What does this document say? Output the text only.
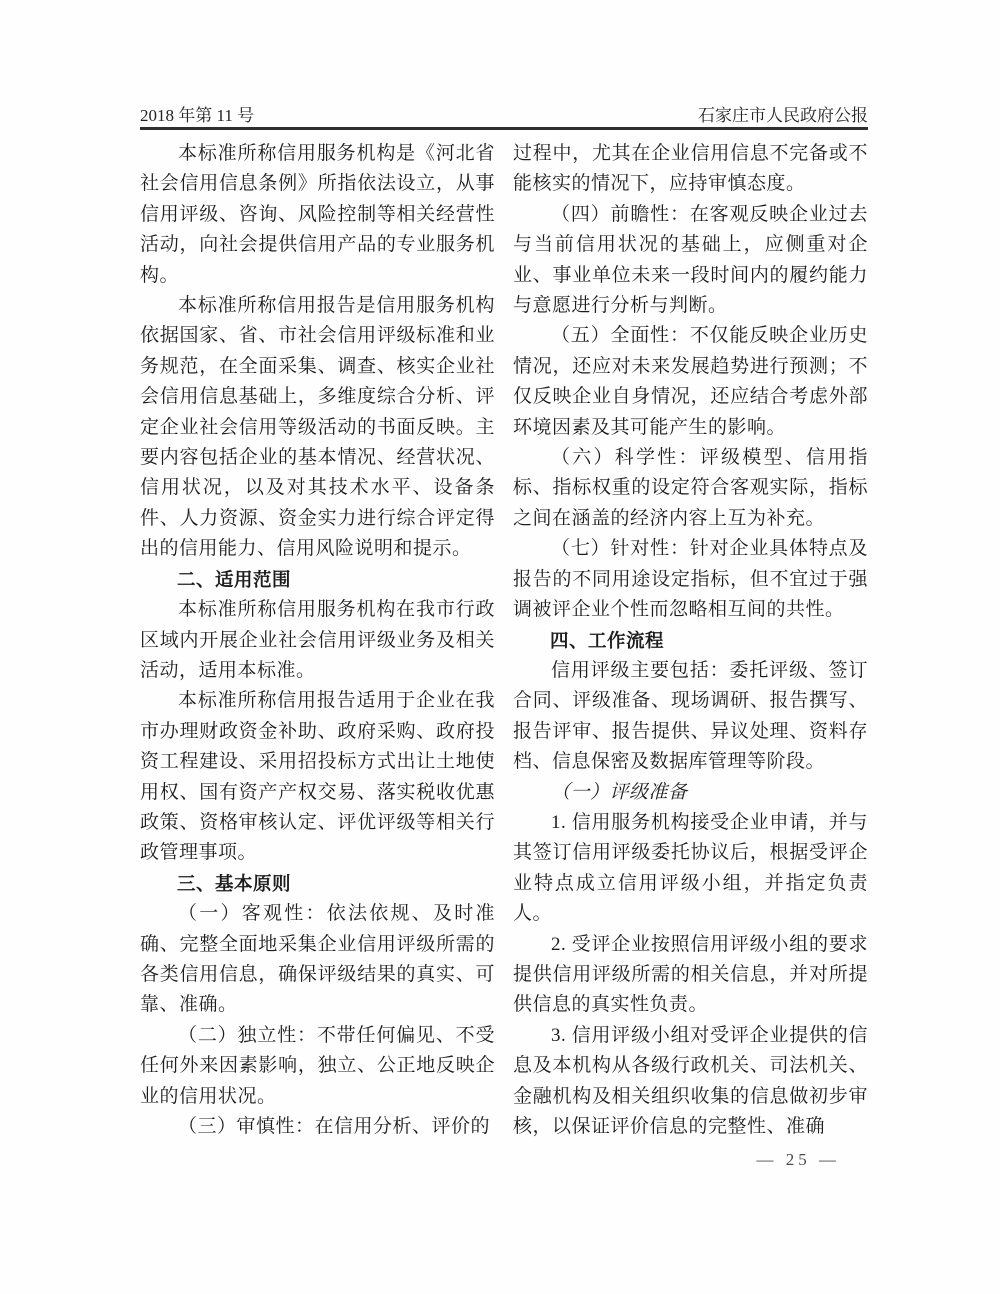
2018 年第 11 号	石家庄市人民政府公报

本标准所称信用服务机构是《河北省社会信用信息条例》所指依法设立，从事信用评级、咨询、风险控制等相关经营性活动，向社会提供信用产品的专业服务机构。

本标准所称信用报告是信用服务机构依据国家、省、市社会信用评级标准和业务规范，在全面采集、调查、核实企业社会信用信息基础上，多维度综合分析、评定企业社会信用等级活动的书面反映。主要内容包括企业的基本情况、经营状况、信用状况，以及对其技术水平、设备条件、人力资源、资金实力进行综合评定得出的信用能力、信用风险说明和提示。

二、适用范围

本标准所称信用服务机构在我市行政区域内开展企业社会信用评级业务及相关活动，适用本标准。

本标准所称信用报告适用于企业在我市办理财政资金补助、政府采购、政府投资工程建设、采用招投标方式出让土地使用权、国有资产产权交易、落实税收优惠政策、资格审核认定、评优评级等相关行政管理事项。

三、基本原则

（一）客观性：依法依规、及时准确、完整全面地采集企业信用评级所需的各类信用信息，确保评级结果的真实、可靠、准确。

（二）独立性：不带任何偏见、不受任何外来因素影响，独立、公正地反映企业的信用状况。

（三）审慎性：在信用分析、评价的

过程中，尤其在企业信用信息不完备或不能核实的情况下，应持审慎态度。

（四）前瞻性：在客观反映企业过去与当前信用状况的基础上，应侧重对企业、事业单位未来一段时间内的履约能力与意愿进行分析与判断。

（五）全面性：不仅能反映企业历史情况，还应对未来发展趋势进行预测；不仅反映企业自身情况，还应结合考虑外部环境因素及其可能产生的影响。

（六）科学性：评级模型、信用指标、指标权重的设定符合客观实际，指标之间在涵盖的经济内容上互为补充。

（七）针对性：针对企业具体特点及报告的不同用途设定指标，但不宜过于强调被评企业个性而忽略相互间的共性。

四、工作流程

信用评级主要包括：委托评级、签订合同、评级准备、现场调研、报告撰写、报告评审、报告提供、异议处理、资料存档、信息保密及数据库管理等阶段。

（一）评级准备

1. 信用服务机构接受企业申请，并与其签订信用评级委托协议后，根据受评企业特点成立信用评级小组，并指定负责人。

2. 受评企业按照信用评级小组的要求提供信用评级所需的相关信息，并对所提供信息的真实性负责。

3. 信用评级小组对受评企业提供的信息及本机构从各级行政机关、司法机关、金融机构及相关组织收集的信息做初步审核，以保证评价信息的完整性、准确

— 25 —
